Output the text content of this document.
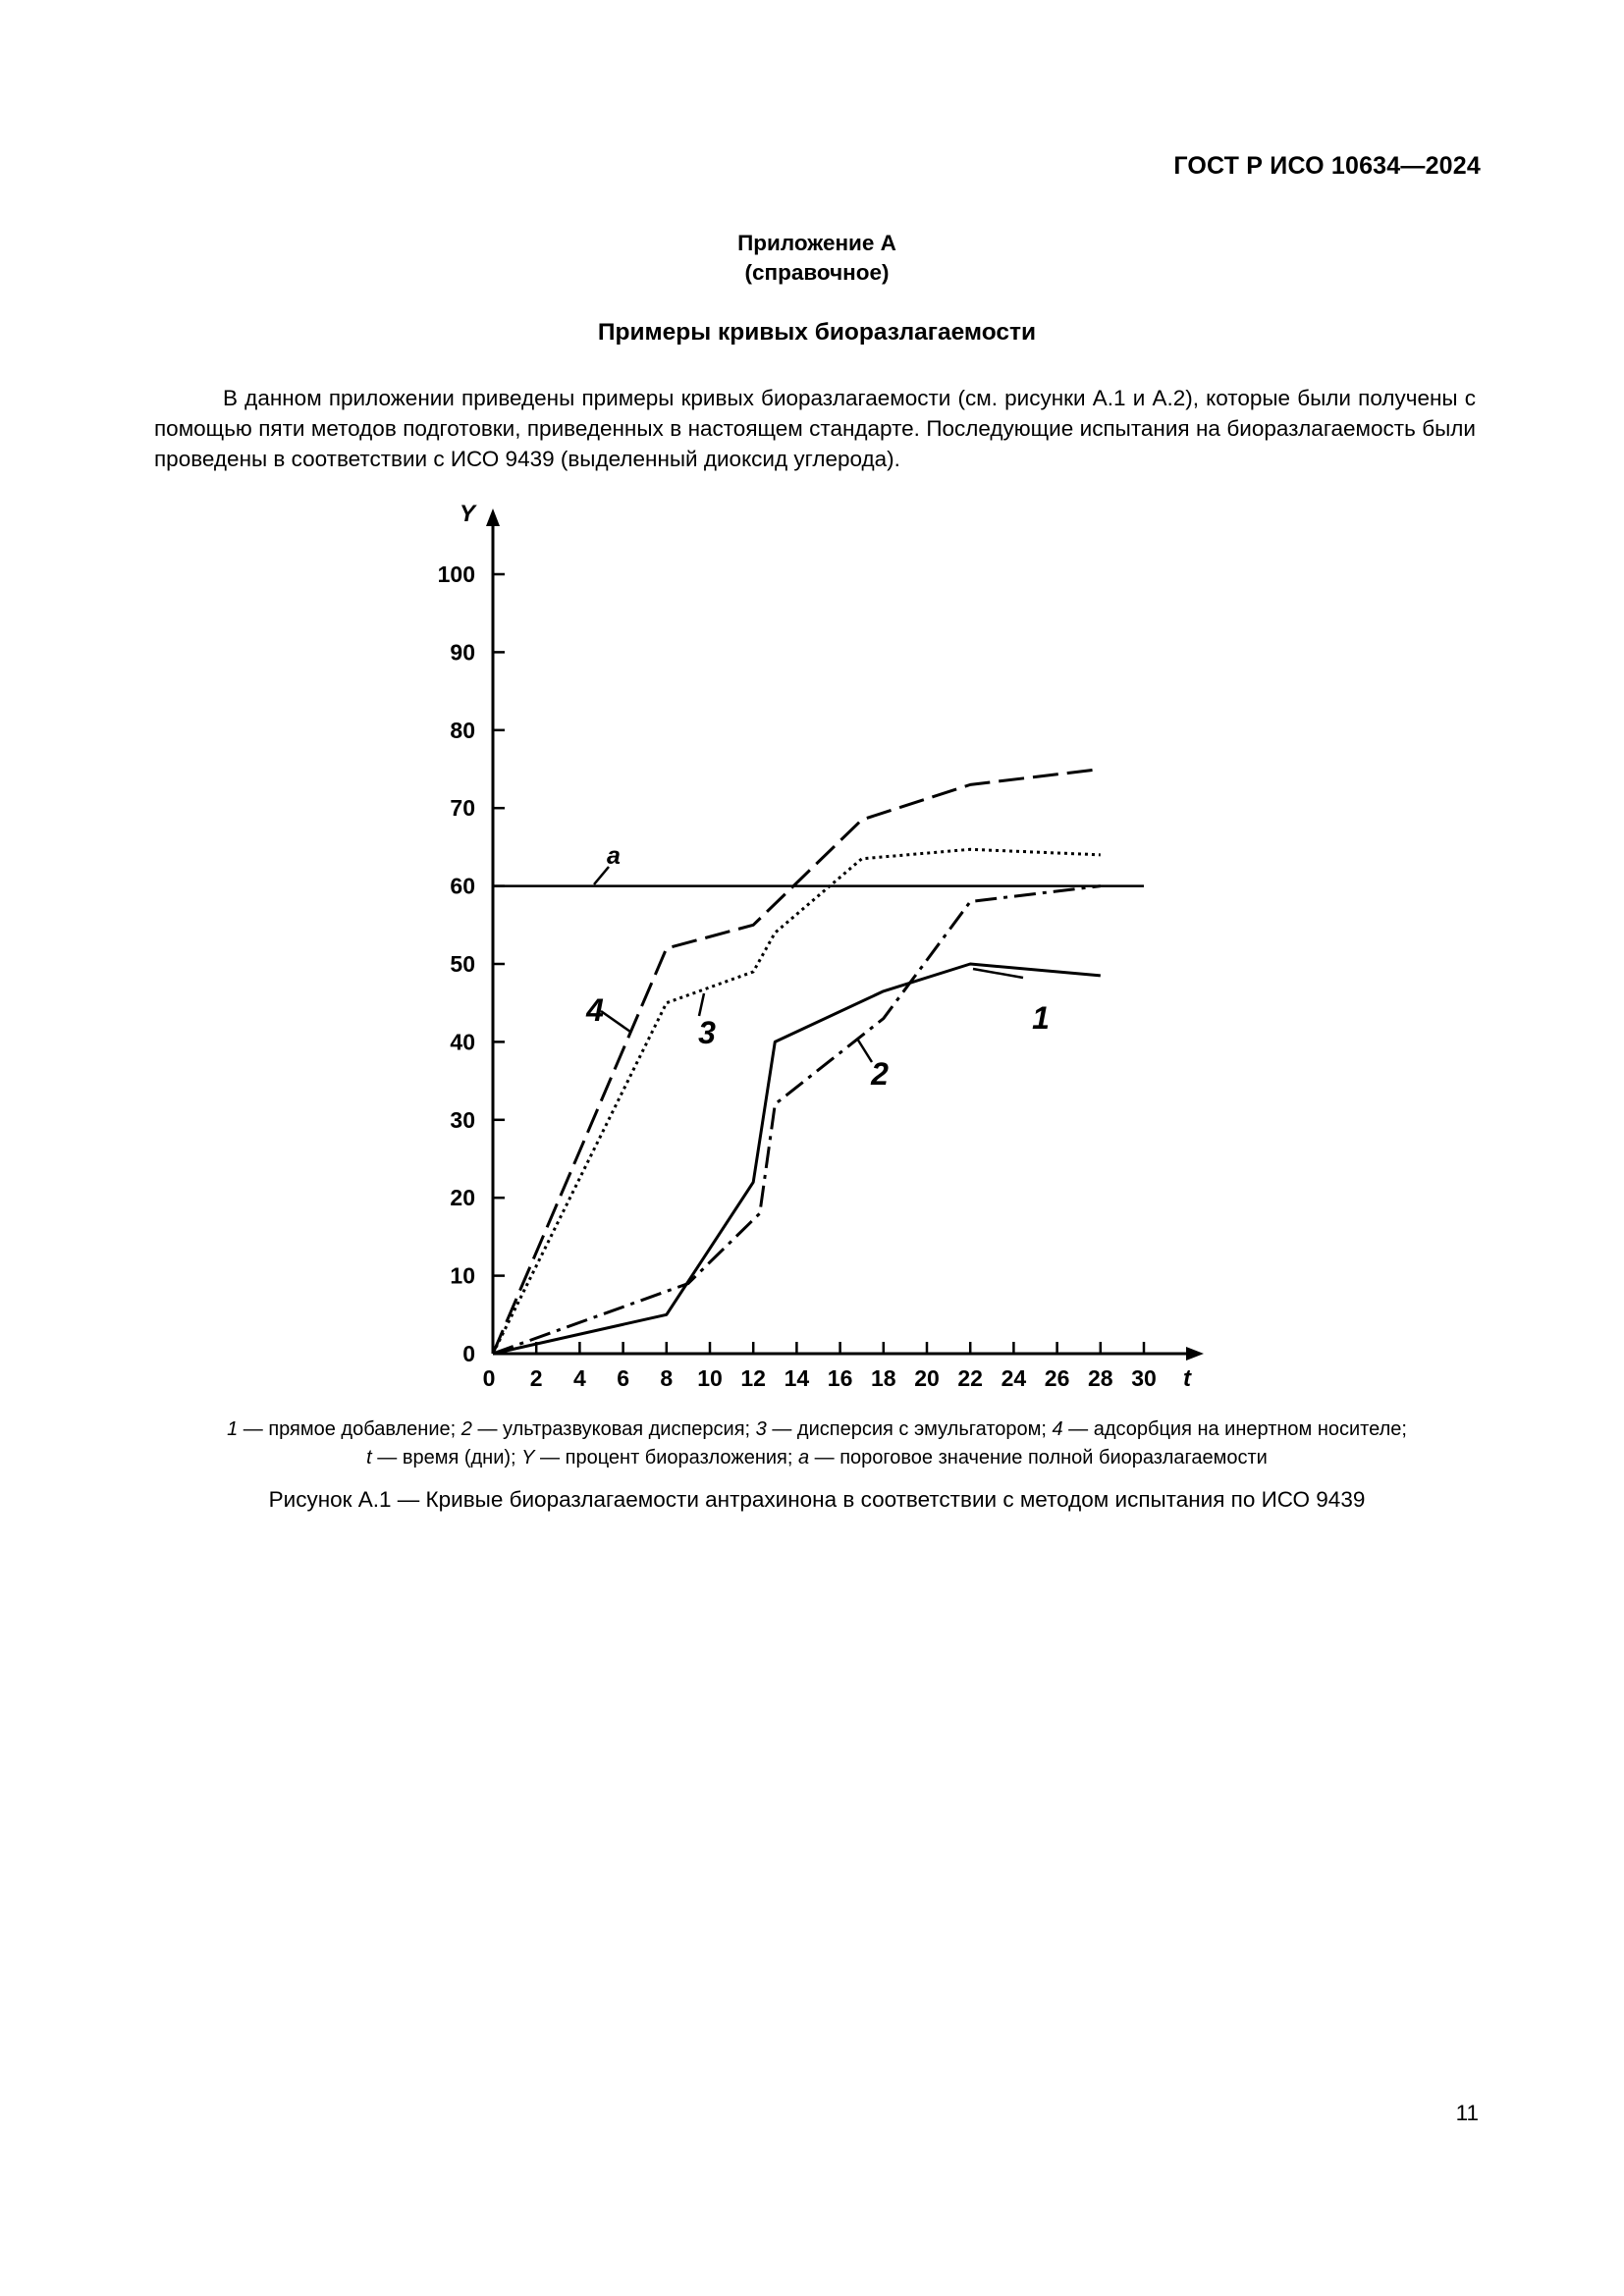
ГОСТ Р ИСО 10634—2024
Приложение А
(справочное)
Примеры кривых биоразлагаемости

В данном приложении приведены примеры кривых биоразлагаемости (см. рисунки А.1 и А.2), которые были получены с помощью пяти методов подготовки, приведенных в настоящем стандарте. Последующие испытания на биоразлагаемость были проведены в соответствии с ИСО 9439 (выделенный диоксид углерода).

0 2 4 6 8 10 12 14 16 18 20 22 24 26 28 30
0
10
20
30
40
50
60
70
80
90
100
Y
t
4
3
2
1
a

1 — прямое добавление; 2 — ультразвуковая дисперсия; 3 — дисперсия с эмульгатором; 4 — адсорбция на инертном носителе;
t — время (дни); Y — процент биоразложения; a — пороговое значение полной биоразлагаемости

Рисунок А.1 — Кривые биоразлагаемости антрахинона в соответствии с методом испытания по ИСО 9439
11
